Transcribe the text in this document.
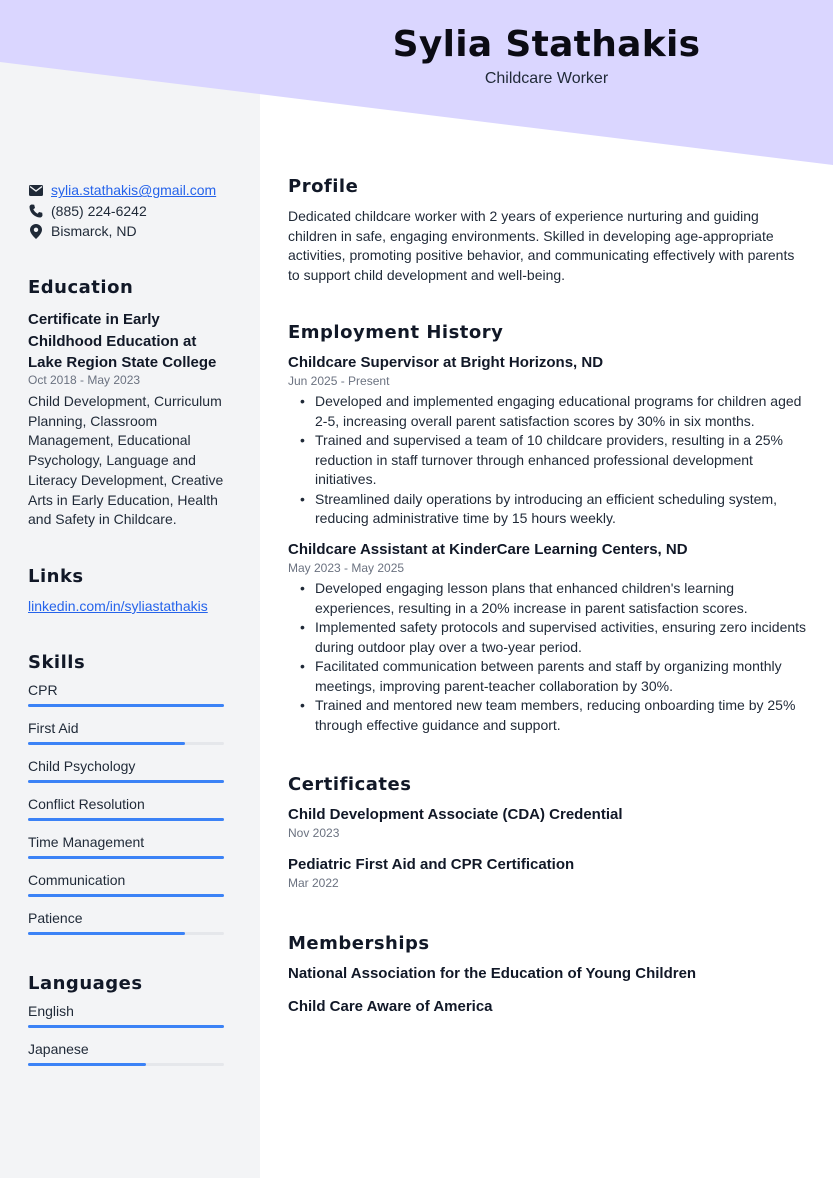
Sylia Stathakis
Childcare Worker
sylia.stathakis@gmail.com
(885) 224-6242
Bismarck, ND
Education
Certificate in Early Childhood Education at Lake Region State College
Oct 2018 - May 2023
Child Development, Curriculum Planning, Classroom Management, Educational Psychology, Language and Literacy Development, Creative Arts in Early Education, Health and Safety in Childcare.
Links
linkedin.com/in/syliastathakis
Skills
CPR
First Aid
Child Psychology
Conflict Resolution
Time Management
Communication
Patience
Languages
English
Japanese
Profile
Dedicated childcare worker with 2 years of experience nurturing and guiding children in safe, engaging environments. Skilled in developing age-appropriate activities, promoting positive behavior, and communicating effectively with parents to support child development and well-being.
Employment History
Childcare Supervisor at Bright Horizons, ND
Jun 2025 - Present
• Developed and implemented engaging educational programs for children aged 2-5, increasing overall parent satisfaction scores by 30% in six months.
• Trained and supervised a team of 10 childcare providers, resulting in a 25% reduction in staff turnover through enhanced professional development initiatives.
• Streamlined daily operations by introducing an efficient scheduling system, reducing administrative time by 15 hours weekly.
Childcare Assistant at KinderCare Learning Centers, ND
May 2023 - May 2025
• Developed engaging lesson plans that enhanced children's learning experiences, resulting in a 20% increase in parent satisfaction scores.
• Implemented safety protocols and supervised activities, ensuring zero incidents during outdoor play over a two-year period.
• Facilitated communication between parents and staff by organizing monthly meetings, improving parent-teacher collaboration by 30%.
• Trained and mentored new team members, reducing onboarding time by 25% through effective guidance and support.
Certificates
Child Development Associate (CDA) Credential
Nov 2023
Pediatric First Aid and CPR Certification
Mar 2022
Memberships
National Association for the Education of Young Children
Child Care Aware of America
